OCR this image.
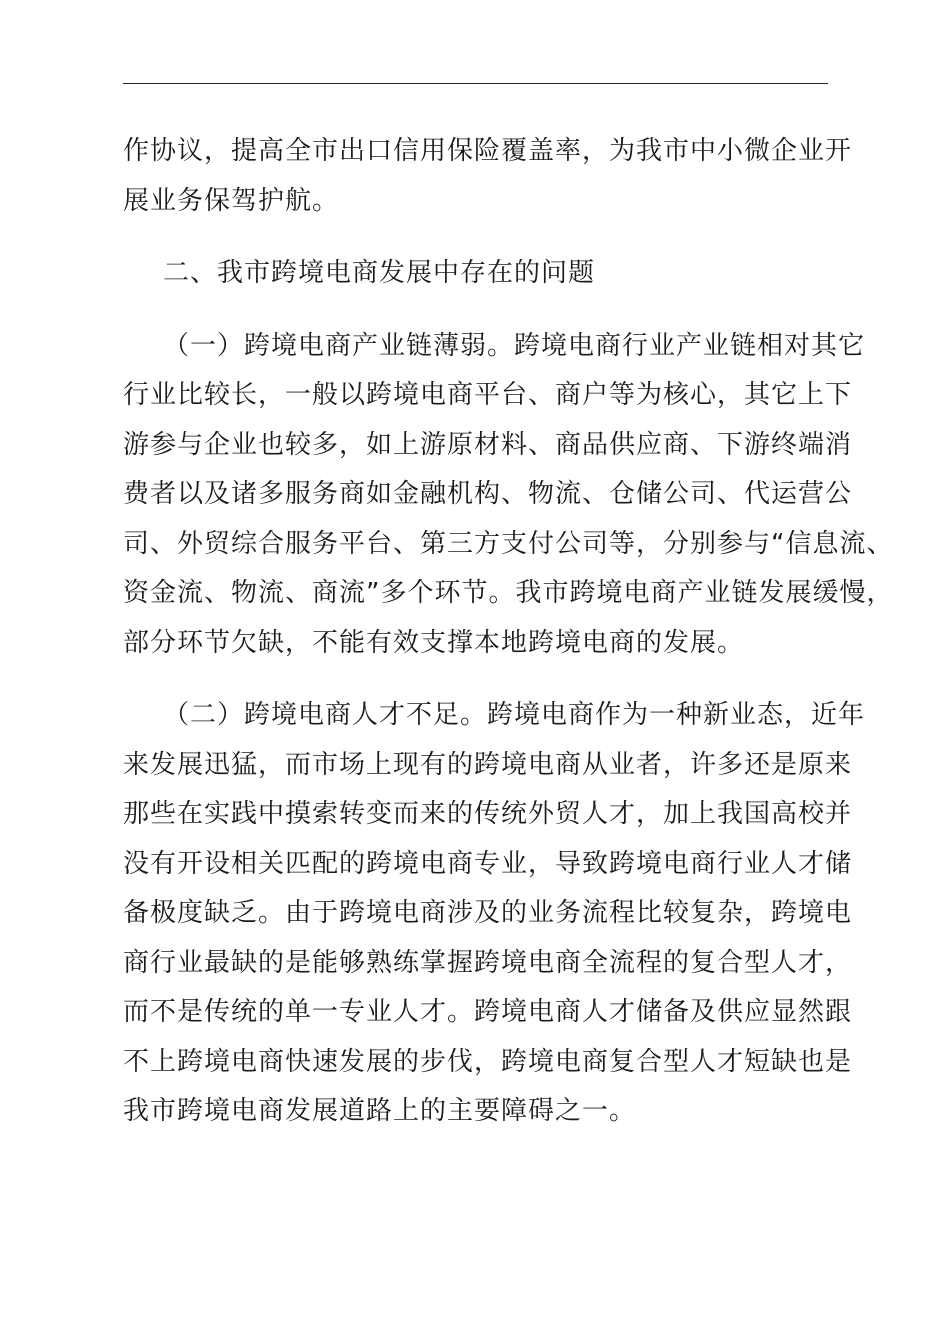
作协议，提高全市出口信用保险覆盖率，为我市中小微企业开
展业务保驾护航。
二、我市跨境电商发展中存在的问题
（一）跨境电商产业链薄弱。跨境电商行业产业链相对其它
行业比较长，一般以跨境电商平台、商户等为核心，其它上下
游参与企业也较多，如上游原材料、商品供应商、下游终端消
费者以及诸多服务商如金融机构、物流、仓储公司、代运营公
司、外贸综合服务平台、第三方支付公司等，分别参与“信息流、
资金流、物流、商流”多个环节。我市跨境电商产业链发展缓慢，
部分环节欠缺，不能有效支撑本地跨境电商的发展。
（二）跨境电商人才不足。跨境电商作为一种新业态，近年
来发展迅猛，而市场上现有的跨境电商从业者，许多还是原来
那些在实践中摸索转变而来的传统外贸人才，加上我国高校并
没有开设相关匹配的跨境电商专业，导致跨境电商行业人才储
备极度缺乏。由于跨境电商涉及的业务流程比较复杂，跨境电
商行业最缺的是能够熟练掌握跨境电商全流程的复合型人才，
而不是传统的单一专业人才。跨境电商人才储备及供应显然跟
不上跨境电商快速发展的步伐，跨境电商复合型人才短缺也是
我市跨境电商发展道路上的主要障碍之一。
